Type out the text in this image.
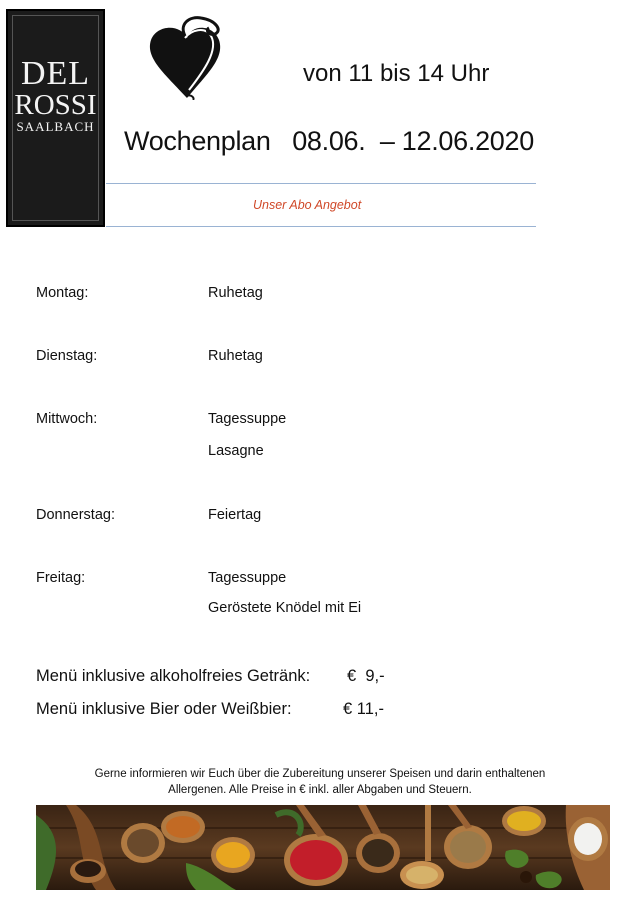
DEL
ROSSI
SAALBACH
von 11 bis 14 Uhr
Wochenplan   08.06.  – 12.06.2020
Unser Abo Angebot
Montag:	Ruhetag
Dienstag:	Ruhetag
Mittwoch:	Tagessuppe
Lasagne
Donnerstag:	Feiertag
Freitag:	Tagessuppe
Geröstete Knödel mit Ei
Menü inklusive alkoholfreies Getränk: €  9,-
Menü inklusive Bier oder Weißbier:	€ 11,-
Gerne informieren wir Euch über die Zubereitung unserer Speisen und darin enthaltenen
Allergenen. Alle Preise in € inkl. aller Abgaben und Steuern.
